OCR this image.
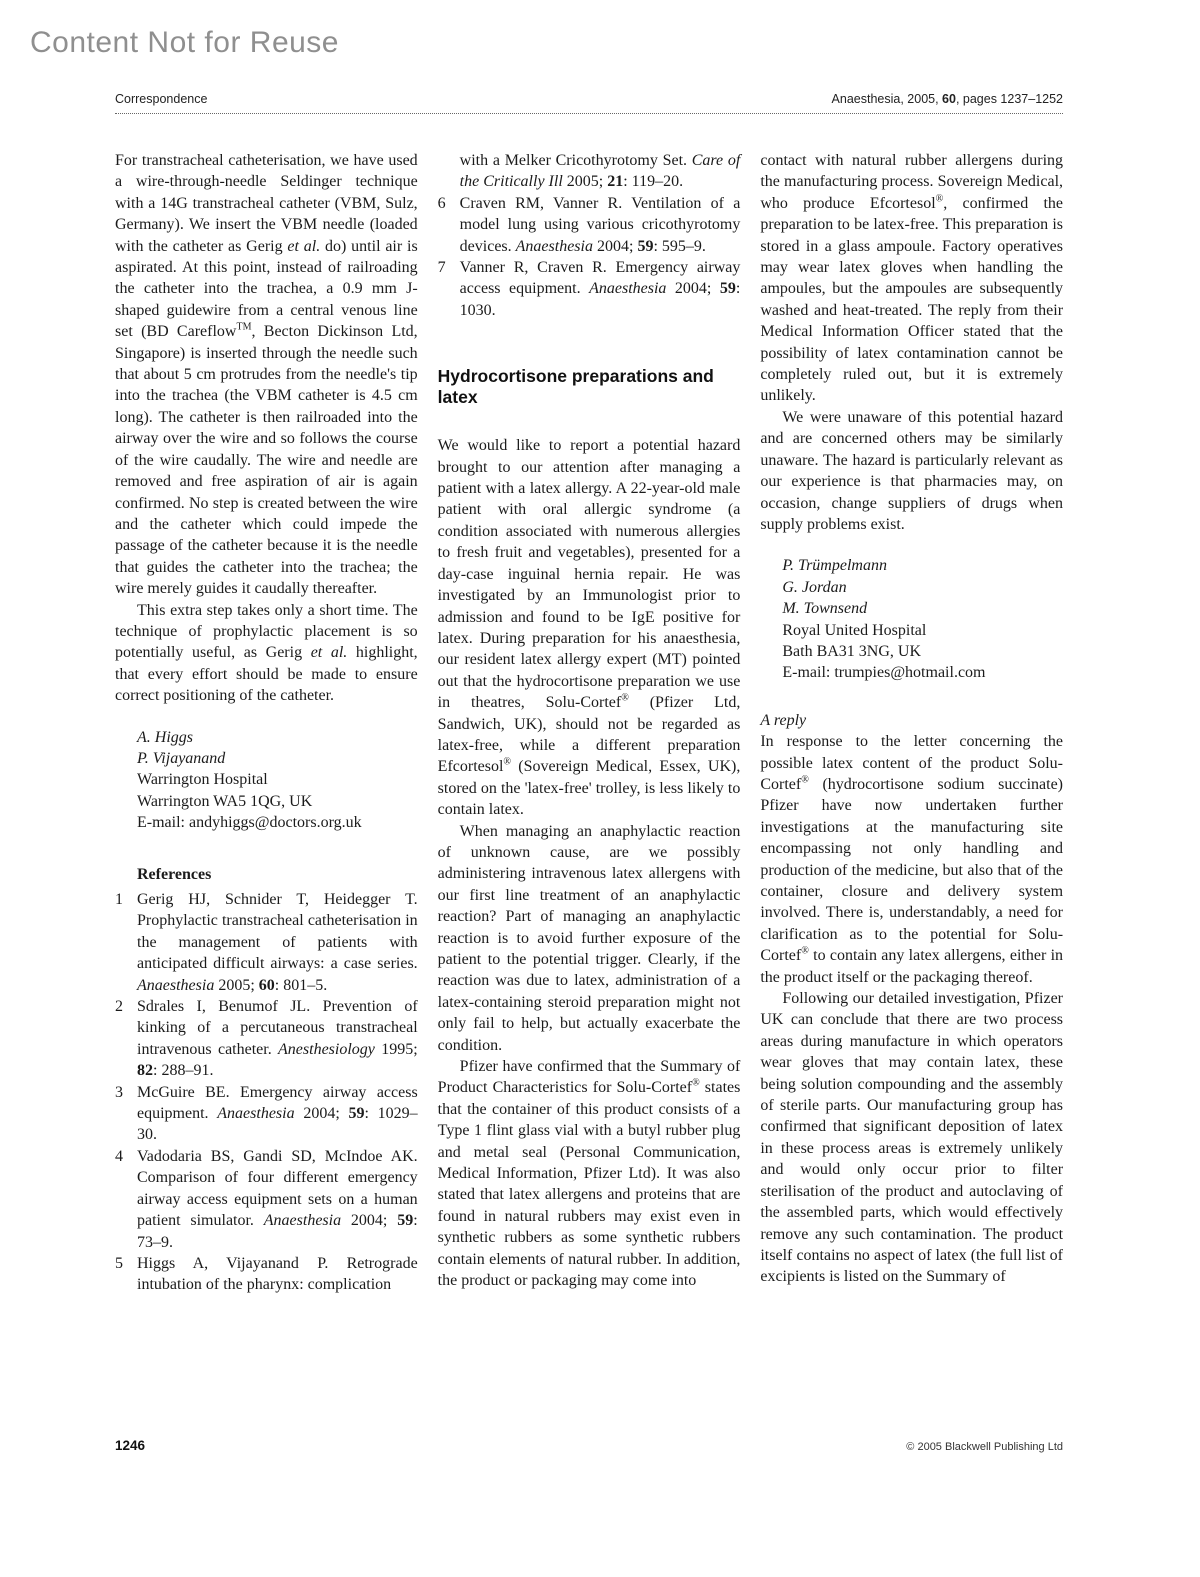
Content Not for Reuse
Correspondence	Anaesthesia, 2005, 60, pages 1237–1252

For transtracheal catheterisation, we have used a wire-through-needle Seldinger technique with a 14G transtracheal catheter (VBM, Sulz, Germany). We insert the VBM needle (loaded with the catheter as Gerig et al. do) until air is aspirated. At this point, instead of railroading the catheter into the trachea, a 0.9 mm J-shaped guidewire from a central venous line set (BD Careflow™, Becton Dickinson Ltd, Singapore) is inserted through the needle such that about 5 cm protrudes from the needle's tip into the trachea (the VBM catheter is 4.5 cm long). The catheter is then railroaded into the airway over the wire and so follows the course of the wire caudally. The wire and needle are removed and free aspiration of air is again confirmed. No step is created between the wire and the catheter which could impede the passage of the catheter because it is the needle that guides the catheter into the trachea; the wire merely guides it caudally thereafter.

This extra step takes only a short time. The technique of prophylactic placement is so potentially useful, as Gerig et al. highlight, that every effort should be made to ensure correct positioning of the catheter.

A. Higgs
P. Vijayanand
Warrington Hospital
Warrington WA5 1QG, UK
E-mail: andyhiggs@doctors.org.uk
References
1 Gerig HJ, Schnider T, Heidegger T. Prophylactic transtracheal catheterisation in the management of patients with anticipated difficult airways: a case series. Anaesthesia 2005; 60: 801–5.
2 Sdrales I, Benumof JL. Prevention of kinking of a percutaneous transtracheal intravenous catheter. Anesthesiology 1995; 82: 288–91.
3 McGuire BE. Emergency airway access equipment. Anaesthesia 2004; 59: 1029–30.
4 Vadodaria BS, Gandi SD, McIndoe AK. Comparison of four different emergency airway access equipment sets on a human patient simulator. Anaesthesia 2004; 59: 73–9.
5 Higgs A, Vijayanand P. Retrograde intubation of the pharynx: complication
with a Melker Cricothyrotomy Set. Care of the Critically Ill 2005; 21: 119–20.
6 Craven RM, Vanner R. Ventilation of a model lung using various cricothyrotomy devices. Anaesthesia 2004; 59: 595–9.
7 Vanner R, Craven R. Emergency airway access equipment. Anaesthesia 2004; 59: 1030.
Hydrocortisone preparations and latex

We would like to report a potential hazard brought to our attention after managing a patient with a latex allergy. A 22-year-old male patient with oral allergic syndrome (a condition associated with numerous allergies to fresh fruit and vegetables), presented for a day-case inguinal hernia repair. He was investigated by an Immunologist prior to admission and found to be IgE positive for latex. During preparation for his anaesthesia, our resident latex allergy expert (MT) pointed out that the hydrocortisone preparation we use in theatres, Solu-Cortef® (Pfizer Ltd, Sandwich, UK), should not be regarded as latex-free, while a different preparation Efcortesol® (Sovereign Medical, Essex, UK), stored on the 'latex-free' trolley, is less likely to contain latex.

When managing an anaphylactic reaction of unknown cause, are we possibly administering intravenous latex allergens with our first line treatment of an anaphylactic reaction? Part of managing an anaphylactic reaction is to avoid further exposure of the patient to the potential trigger. Clearly, if the reaction was due to latex, administration of a latex-containing steroid preparation might not only fail to help, but actually exacerbate the condition.

Pfizer have confirmed that the Summary of Product Characteristics for Solu-Cortef® states that the container of this product consists of a Type 1 flint glass vial with a butyl rubber plug and metal seal (Personal Communication, Medical Information, Pfizer Ltd). It was also stated that latex allergens and proteins that are found in natural rubbers may exist even in synthetic rubbers as some synthetic rubbers contain elements of natural rubber. In addition, the product or packaging may come into

contact with natural rubber allergens during the manufacturing process. Sovereign Medical, who produce Efcortesol®, confirmed the preparation to be latex-free. This preparation is stored in a glass ampoule. Factory operatives may wear latex gloves when handling the ampoules, but the ampoules are subsequently washed and heat-treated. The reply from their Medical Information Officer stated that the possibility of latex contamination cannot be completely ruled out, but it is extremely unlikely.

We were unaware of this potential hazard and are concerned others may be similarly unaware. The hazard is particularly relevant as our experience is that pharmacies may, on occasion, change suppliers of drugs when supply problems exist.

P. Trümpelmann
G. Jordan
M. Townsend
Royal United Hospital
Bath BA31 3NG, UK
E-mail: trumpies@hotmail.com
A reply

In response to the letter concerning the possible latex content of the product Solu-Cortef® (hydrocortisone sodium succinate) Pfizer have now undertaken further investigations at the manufacturing site encompassing not only handling and production of the medicine, but also that of the container, closure and delivery system involved. There is, understandably, a need for clarification as to the potential for Solu-Cortef® to contain any latex allergens, either in the product itself or the packaging thereof.

Following our detailed investigation, Pfizer UK can conclude that there are two process areas during manufacture in which operators wear gloves that may contain latex, these being solution compounding and the assembly of sterile parts. Our manufacturing group has confirmed that significant deposition of latex in these process areas is extremely unlikely and would only occur prior to filter sterilisation of the product and autoclaving of the assembled parts, which would effectively remove any such contamination. The product itself contains no aspect of latex (the full list of excipients is listed on the Summary of

1246	© 2005 Blackwell Publishing Ltd
